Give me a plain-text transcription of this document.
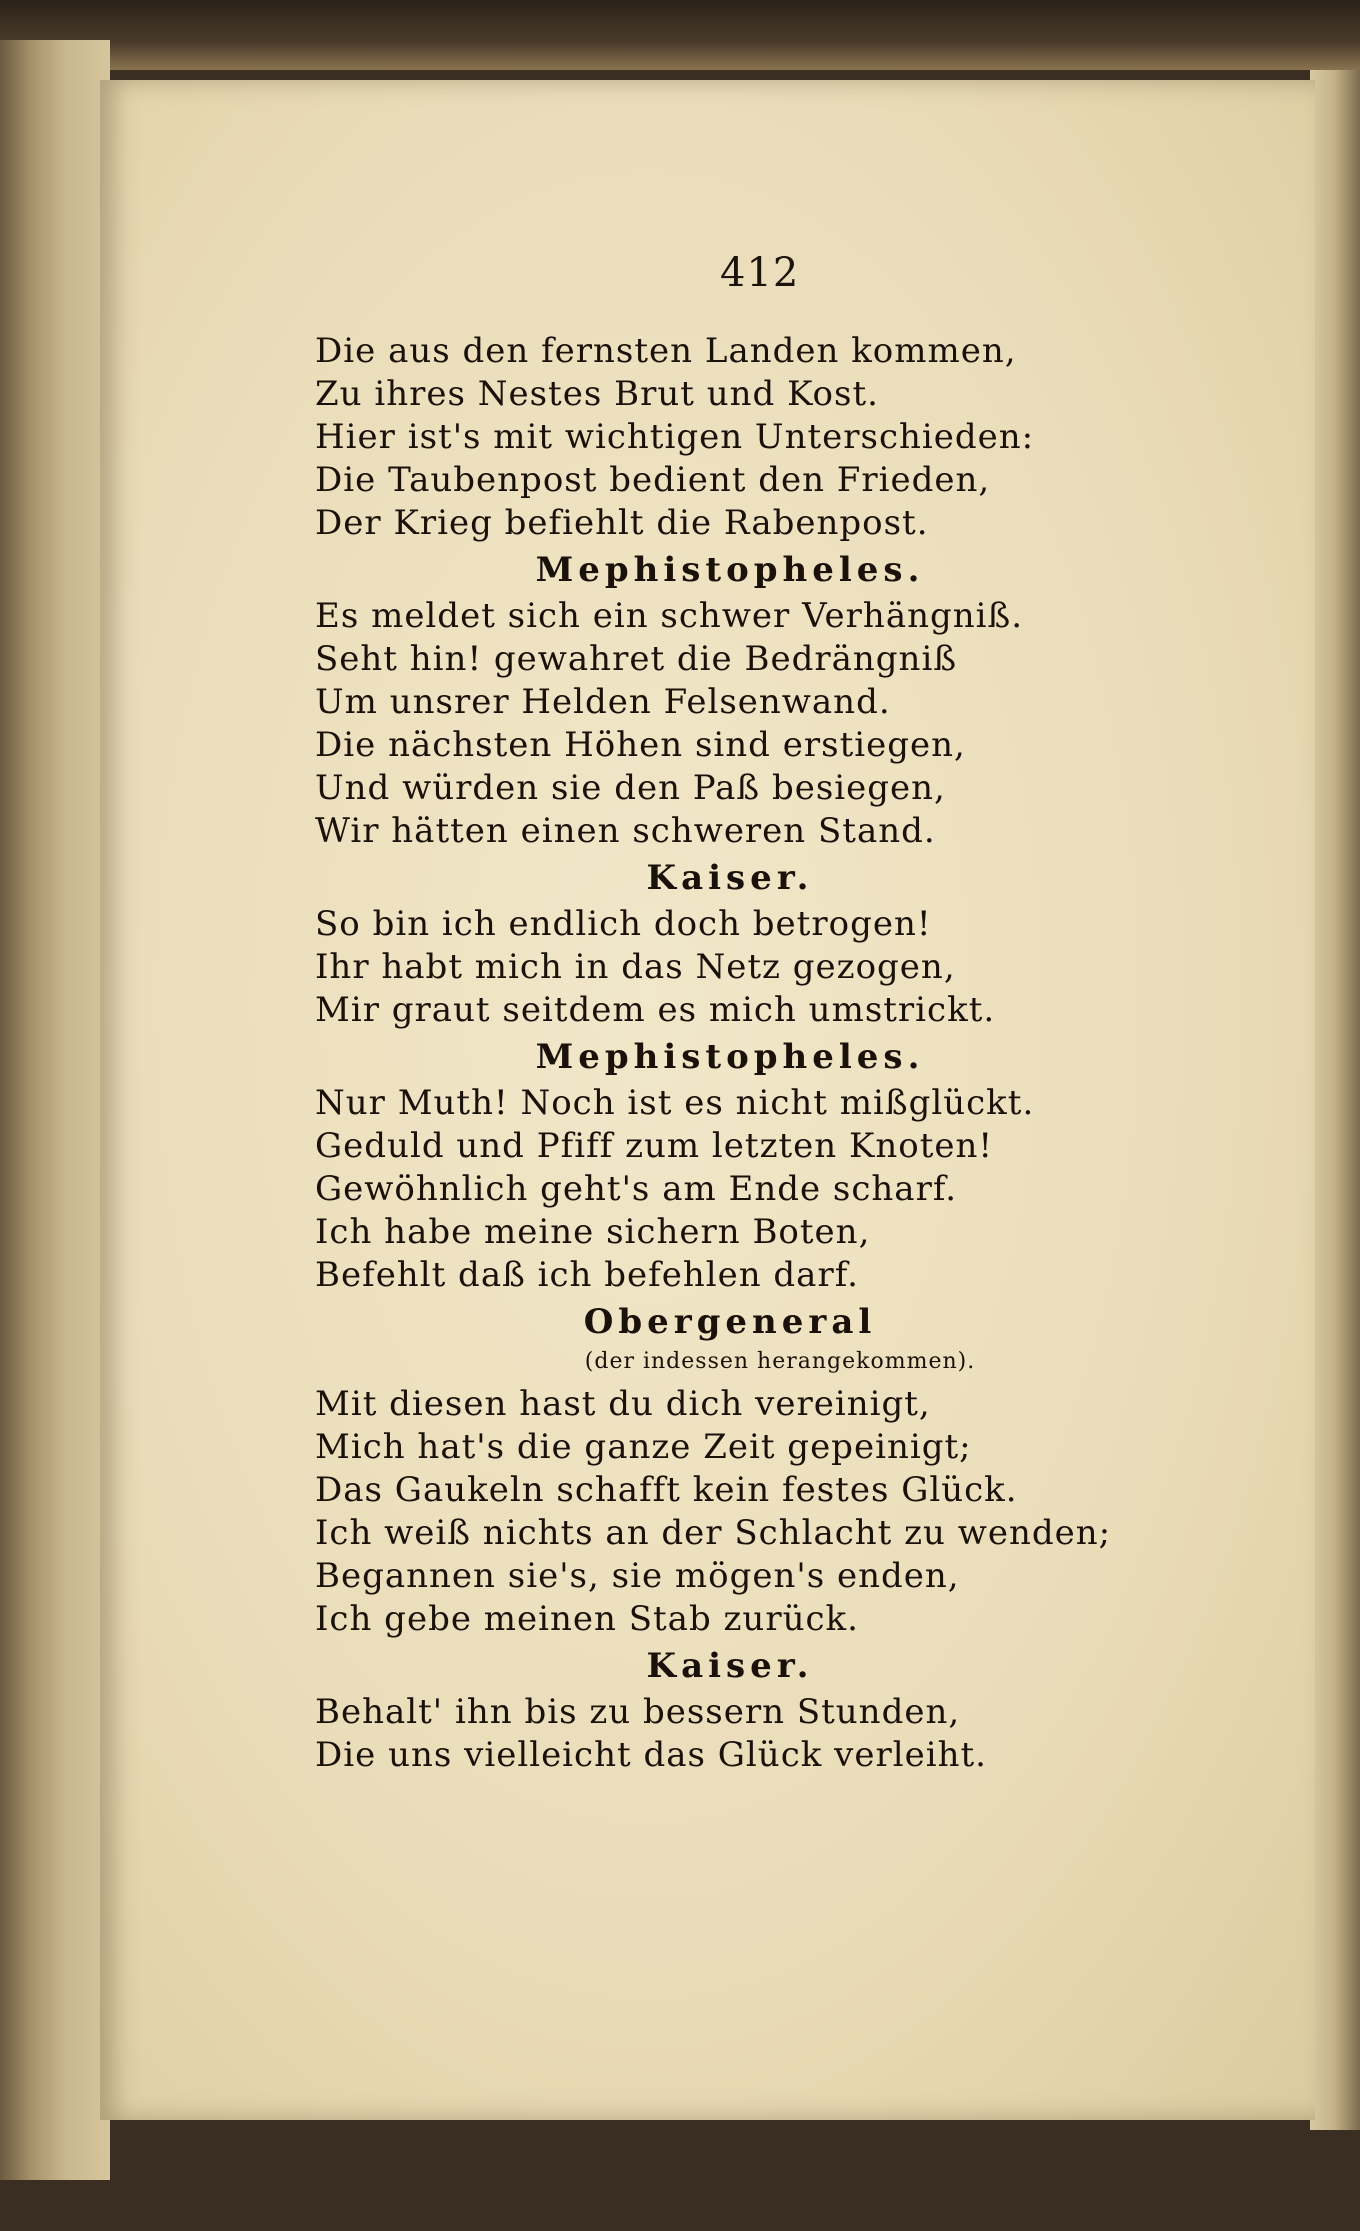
412
Die aus den fernsten Landen kommen,
Zu ihres Nestes Brut und Kost.
Hier ist's mit wichtigen Unterschieden:
Die Taubenpost bedient den Frieden,
Der Krieg befiehlt die Rabenpost.
Mephistopheles.
Es meldet sich ein schwer Verhängniß.
Seht hin! gewahret die Bedrängniß
Um unsrer Helden Felsenwand.
Die nächsten Höhen sind erstiegen,
Und würden sie den Paß besiegen,
Wir hätten einen schweren Stand.
Kaiser.
So bin ich endlich doch betrogen!
Ihr habt mich in das Netz gezogen,
Mir graut seitdem es mich umstrickt.
Mephistopheles.
Nur Muth! Noch ist es nicht mißglückt.
Geduld und Pfiff zum letzten Knoten!
Gewöhnlich geht's am Ende scharf.
Ich habe meine sichern Boten,
Befehlt daß ich befehlen darf.
Obergeneral
(der indessen herangekommen).
Mit diesen hast du dich vereinigt,
Mich hat's die ganze Zeit gepeinigt;
Das Gaukeln schafft kein festes Glück.
Ich weiß nichts an der Schlacht zu wenden;
Begannen sie's, sie mögen's enden,
Ich gebe meinen Stab zurück.
Kaiser.
Behalt' ihn bis zu bessern Stunden,
Die uns vielleicht das Glück verleiht.
